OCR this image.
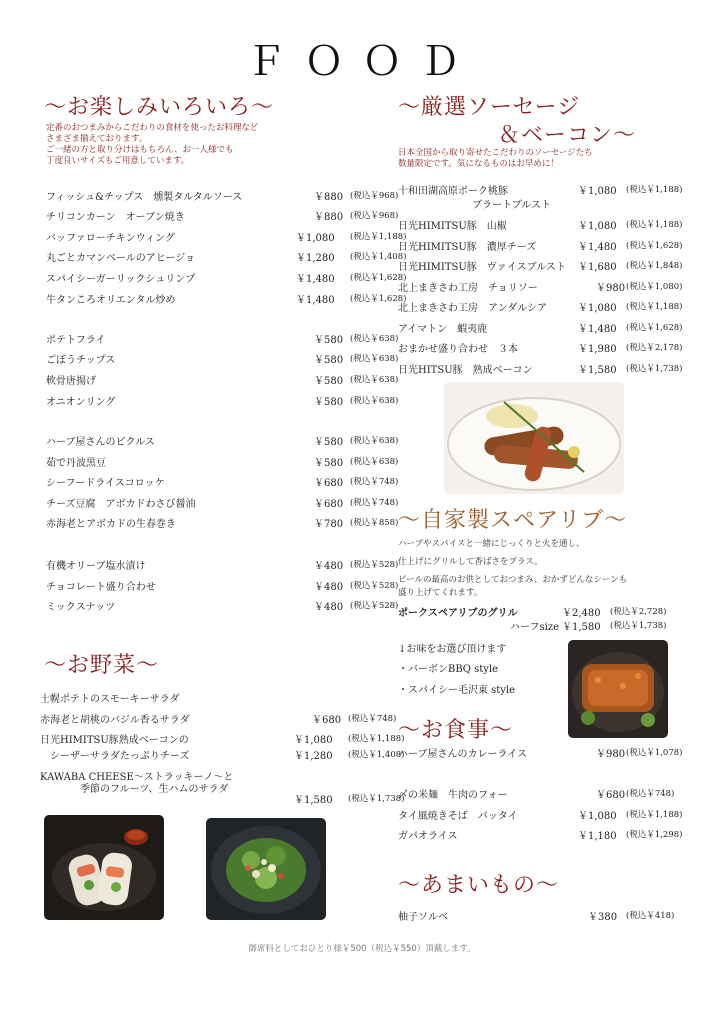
ＦＯＯＤ
～お楽しみいろいろ～
定番のおつまみからこだわりの食材を使ったお料理など
さまざま揃えております。
ご一緒の方と取り分けはもちろん、お一人様でも
丁度良いサイズもご用意しています。
フィッシュ&チップス　燻製タルタルソース	￥880 (税込￥968)
チリコンカーン　オーブン焼き	￥880 (税込￥968)
バッファローチキンウィング	￥1,080 (税込￥1,188)
丸ごとカマンベールのアヒージョ	￥1,280 (税込￥1,408)
スパイシーガーリックシュリンプ	￥1,480 (税込￥1,628)
牛タンころオリエンタル炒め	￥1,480 (税込￥1,628)
ポテトフライ	￥580 (税込￥638)
ごぼうチップス	￥580 (税込￥638)
軟骨唐揚げ	￥580 (税込￥638)
オニオンリング	￥580 (税込￥638)
ハーブ屋さんのピクルス	￥580 (税込￥638)
茹で丹波黒豆	￥580 (税込￥638)
シーフードライスコロッケ	￥680 (税込￥748)
チーズ豆腐　アボカドわさび醤油	￥680 (税込￥748)
赤海老とアボカドの生春巻き	￥780 (税込￥858)
有機オリーブ塩水漬け	￥480 (税込￥528)
チョコレート盛り合わせ	￥480 (税込￥528)
ミックスナッツ	￥480 (税込￥528)
～お野菜～
士幌ポテトのスモーキーサラダ
赤海老と胡桃のバジル香るサラダ	￥680 (税込￥748)
日光HIMITSU豚熟成ベーコンの	￥1,080 (税込￥1,188)
　シーザーサラダたっぷりチーズ	￥1,280 (税込￥1,408)
KAWABA CHEESE～ストラッキーノ～と
　　　　季節のフルーツ、生ハムのサラダ
￥1,580 (税込￥1,738)
～厳選ソーセージ
＆ベーコン～
日本全国から取り寄せたこだわりのソーセージたち
数量限定です。気になるものはお早めに！
十和田湖高原ポーク桃豚
ブラートブルスト
￥1,080 (税込￥1,188)
日光HIMITSU豚　山椒	￥1,080 (税込￥1,188)
日光HIMITSU豚　濃厚チーズ	￥1,480 (税込￥1,628)
日光HIMITSU豚　ヴァイスブルスト ￥1,680 (税込￥1,848)
北上まきさわ工房　チョリソー	￥980 (税込￥1,080)
北上まきさわ工房　アンダルシア	￥1,080 (税込￥1,188)
アイマトン　蝦夷鹿	￥1,480 (税込￥1,628)
おまかせ盛り合わせ　３本	￥1,980 (税込￥2,178)
日光HITSU豚　熟成ベーコン	￥1,580 (税込￥1,738)
～自家製スペアリブ～
ハーブやスパイスと一緒にじっくりと火を通し、
仕上げにグリルして香ばさをプラス。
ビールの最高のお供としておつまみ、おかずどんなシーンも
盛り上げてくれます。
ポークスペアリブのグリル	￥2,480 (税込￥2,728)
ハーフsize ￥1,580 (税込￥1,738)
↓お味をお選び頂けます
・バーボンBBQ style
・スパイシー毛沢東 style
～お食事～
ハーブ屋さんのカレーライス	￥980 (税込￥1,078)
〆の米麺　牛肉のフォー	￥680 (税込￥748)
タイ風焼きそば　パッタイ	￥1,080 (税込￥1,188)
ガパオライス	￥1,180 (税込￥1,298)
～あまいもの～
柚子ソルベ	￥380 (税込￥418)
御席料としておひとり様￥500（税込￥550）頂戴します。
